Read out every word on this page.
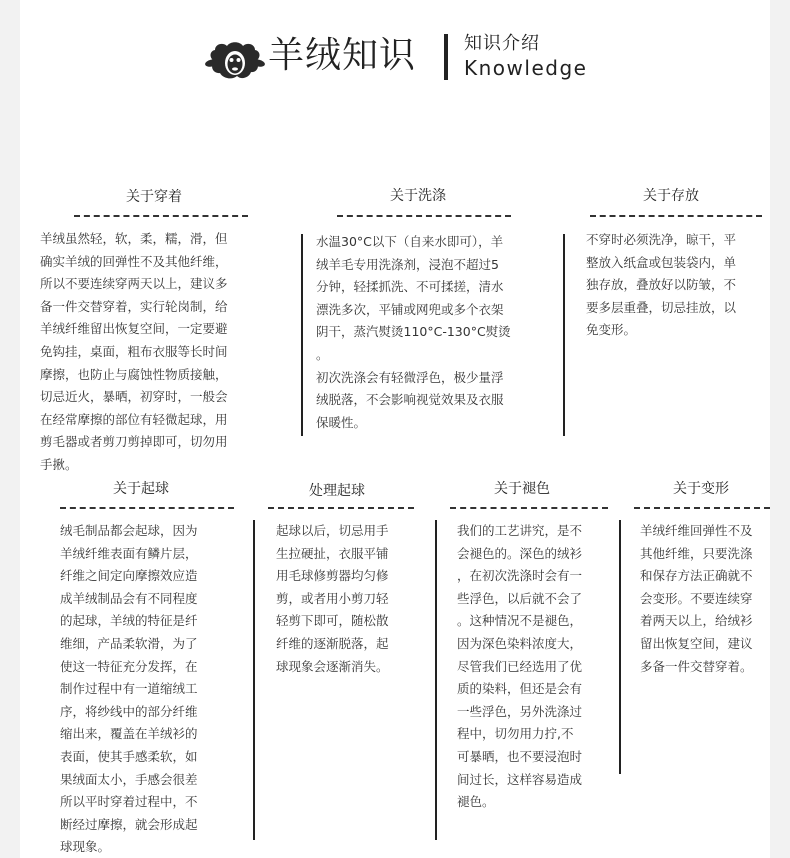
羊绒知识	知识介绍
Knowledge
关于穿着
羊绒虽然轻，软，柔，糯，滑，但
确实羊绒的回弹性不及其他纤维，
所以不要连续穿两天以上，建议多
备一件交替穿着，实行轮岗制，给
羊绒纤维留出恢复空间，一定要避
免钩挂，桌面，粗布衣服等长时间
摩擦，也防止与腐蚀性物质接触，
切忌近火，暴晒，初穿时，一般会
在经常摩擦的部位有轻微起球，用
剪毛器或者剪刀剪掉即可，切勿用
手揪。
关于洗涤
水温30°C以下（自来水即可），羊
绒羊毛专用洗涤剂，浸泡不超过5
分钟，轻揉抓洗、不可揉搓，清水
漂洗多次，平铺或网兜或多个衣架
阴干，蒸汽熨烫110°C-130°C熨烫
。
初次洗涤会有轻微浮色，极少量浮
绒脱落，不会影响视觉效果及衣服
保暖性。
关于存放
不穿时必须洗净，晾干，平
整放入纸盒或包装袋内，单
独存放，叠放好以防皱，不
要多层重叠，切忌挂放，以
免变形。
关于起球
绒毛制品都会起球，因为
羊绒纤维表面有鳞片层，
纤维之间定向摩擦效应造
成羊绒制品会有不同程度
的起球，羊绒的特征是纤
维细，产品柔软滑，为了
使这一特征充分发挥，在
制作过程中有一道缩绒工
序，将纱线中的部分纤维
缩出来，覆盖在羊绒衫的
表面，使其手感柔软，如
果绒面太小，手感会很差
所以平时穿着过程中，不
断经过摩擦，就会形成起
球现象。
处理起球
起球以后，切忌用手
生拉硬扯，衣服平铺
用毛球修剪器均匀修
剪，或者用小剪刀轻
轻剪下即可，随松散
纤维的逐渐脱落，起
球现象会逐渐消失。
关于褪色
我们的工艺讲究，是不
会褪色的。深色的绒衫
，在初次洗涤时会有一
些浮色，以后就不会了
。这种情况不是褪色，
因为深色染料浓度大，
尽管我们已经选用了优
质的染料，但还是会有
一些浮色，另外洗涤过
程中，切勿用力拧,不
可暴晒，也不要浸泡时
间过长，这样容易造成
褪色。
关于变形
羊绒纤维回弹性不及
其他纤维，只要洗涤
和保存方法正确就不
会变形。不要连续穿
着两天以上，给绒衫
留出恢复空间，建议
多备一件交替穿着。
